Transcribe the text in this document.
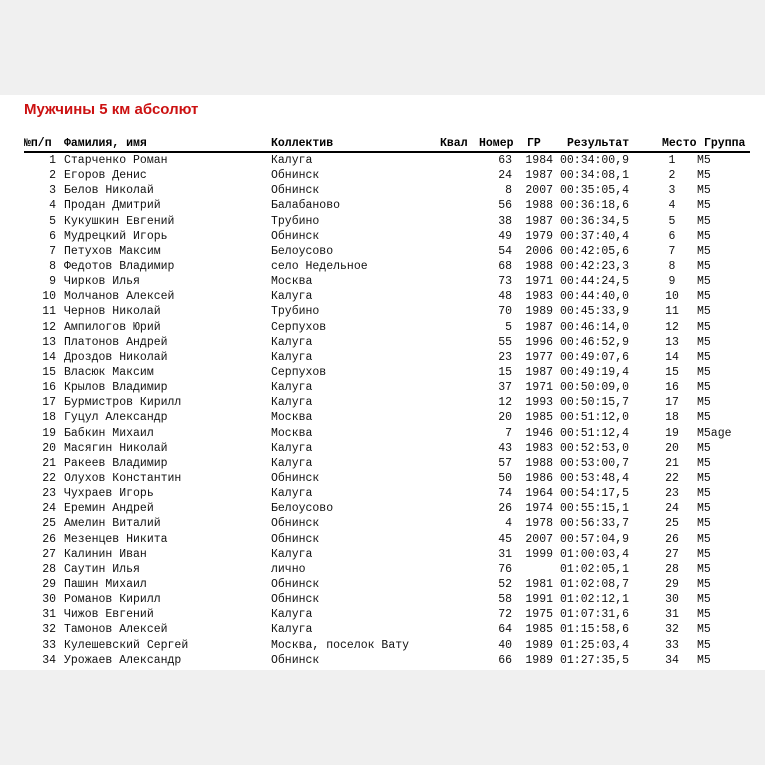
Мужчины 5 км абсолют
№п/п Фамилия, имя	Коллектив	Квал Номер ГР Результат	Место Группа
1 Старченко Роман	Калуга	63	1984 00:34:00,9	1	М5
2 Егоров Денис	Обнинск	24	1987 00:34:08,1	2	М5
3 Белов Николай	Обнинск	8	2007 00:35:05,4	3	М5
4 Продан Дмитрий	Балабаново	56	1988 00:36:18,6	4	М5
5 Кукушкин Евгений	Трубино	38	1987 00:36:34,5	5	М5
6 Мудрецкий Игорь	Обнинск	49	1979 00:37:40,4	6	М5
7 Петухов Максим	Белоусово	54	2006 00:42:05,6	7	М5
8 Федотов Владимир	село Недельное	68	1988 00:42:23,3	8	М5
9 Чирков Илья	Москва	73	1971 00:44:24,5	9	М5
10 Молчанов Алексей	Калуга	48	1983 00:44:40,0	10	М5
11 Чернов Николай	Трубино	70	1989 00:45:33,9	11	М5
12 Ампилогов Юрий	Серпухов	5	1987 00:46:14,0	12	М5
13 Платонов Андрей	Калуга	55	1996 00:46:52,9	13	М5
14 Дроздов Николай	Калуга	23	1977 00:49:07,6	14	М5
15 Власюк Максим	Серпухов	15	1987 00:49:19,4	15	М5
16 Крылов Владимир	Калуга	37	1971 00:50:09,0	16	М5
17 Бурмистров Кирилл	Калуга	12	1993 00:50:15,7	17	М5
18 Гуцул Александр	Москва	20	1985 00:51:12,0	18	М5
19 Бабкин Михаил	Москва	7	1946 00:51:12,4	19	М5age
20 Масягин Николай	Калуга	43	1983 00:52:53,0	20	М5
21 Ракеев Владимир	Калуга	57	1988 00:53:00,7	21	М5
22 Олухов Константин	Обнинск	50	1986 00:53:48,4	22	М5
23 Чухраев Игорь	Калуга	74	1964 00:54:17,5	23	М5
24 Еремин Андрей	Белоусово	26	1974 00:55:15,1	24	М5
25 Амелин Виталий	Обнинск	4	1978 00:56:33,7	25	М5
26 Мезенцев Никита	Обнинск	45	2007 00:57:04,9	26	М5
27 Калинин Иван	Калуга	31	1999 01:00:03,4	27	М5
28 Саутин Илья	лично	76	01:02:05,1	28	М5
29 Пашин Михаил	Обнинск	52	1981 01:02:08,7	29	М5
30 Романов Кирилл	Обнинск	58	1991 01:02:12,1	30	М5
31 Чижов Евгений	Калуга	72	1975 01:07:31,6	31	М5
32 Тамонов Алексей	Калуга	64	1985 01:15:58,6	32	М5
33 Кулешевский Сергей	Москва, поселок Вату	40	1989 01:25:03,4	33	М5
34 Урожаев Александр	Обнинск	66	1989 01:27:35,5	34	М5
